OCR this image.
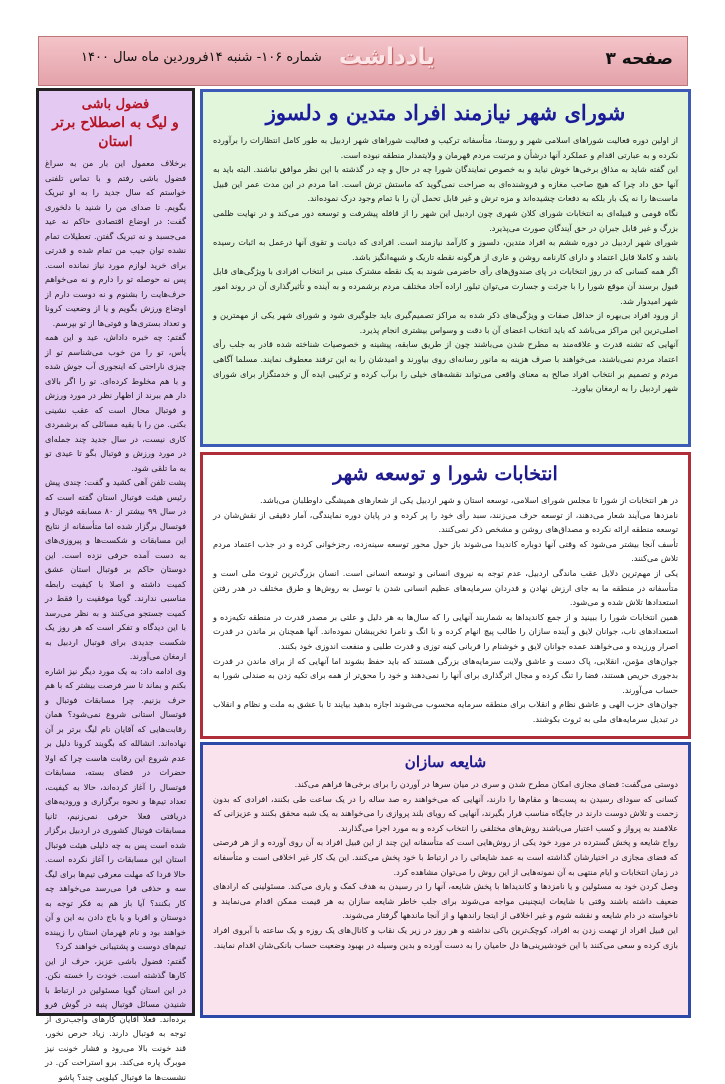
صفحه ۳
یادداشت
شماره ۱۰۶- شنبه ۱۴فروردین ماه سال ۱۴۰۰
فضول باشی
و لیگ به اصطلاح برتر استان

برخلاف معمول این بار من به سراغ فضول باشی رفتم و با تماس تلفنی خواستم که سال جدید را به او تبریک بگویم. تا صدای من را شنید با دلخوری گفت: در اوضاع اقتصادی حاکم نه عید می‌جسبد و نه تبریک گفتن. تعطیلات تمام نشده توان جیب من تمام شده و قدرتی برای خرید لوازم مورد نیاز نمانده است. پس نه حوصله تو را دارم و نه می‌خواهم حرف‌هایت را بشنوم و نه دوست دارم از اوضاع ورزش بگویم و یا از وضعیت کرونا و تعداد بستری‌ها و فوتی‌ها از تو بپرسم.

گفتم: چه خبره داداش، عید و این همه یأس، تو را من خوب می‌شناسم تو از چیزی ناراحتی که اینجوری آب جوش شده و با هم مخلوط کرده‌ای. تو را اگر بالای دار هم ببرند از اظهار نظر در مورد ورزش و فوتبال محال است که عقب نشینی بکنی. من را با بقیه مسائلی که برشمردی کاری نیست، در سال جدید چند جمله‌ای در مورد ورزش و فوتبال بگو تا عیدی تو به ما تلقی شود.

پشت تلفن آهی کشید و گفت: چندی پیش رئیس هیئت فوتبال استان گفته است که در سال ۹۹ بیشتر از ۸۰ مسابقه فوتبال و فوتسال برگزار شده اما متأسفانه از نتایج این مسابقات و شکست‌ها و پیروزی‌های به دست آمده حرفی نزده است. این دوستان حاکم بر فوتبال استان عشق کمیت داشته و اصلا با کیفیت رابطه مناسبی ندارند. گویا موفقیت را فقط در کمیت جستجو می‌کنند و به نظر می‌رسد با این دیدگاه و تفکر است که هر روز یک شکست جدیدی برای فوتبال اردبیل به ارمغان می‌آورند.

وی ادامه داد: به یک مورد دیگر نیز اشاره بکنم و بماند تا سر فرصت بیشتر که با هم حرف بزنیم. چرا مسابقات فوتبال و فوتسال استانی شروع نمی‌شود؟ همان رقابت‌هایی که آقایان نام لیگ برتر بر آن نهاده‌اند. انشالله که بگویند کرونا دلیل بر عدم شروع این رقابت هاست چرا که اولا حضرات در فضای بسته، مسابقات فوتسال را آغاز کرده‌اند، حالا به کیفیت، تعداد تیم‌ها و نحوه برگزاری و ورودیه‌های دریافتی فعلا حرفی نمی‌زنیم، ثانیا مسابقات فوتبال کشوری در اردبیل برگزار شده است پس به چه دلیلی هیئت فوتبال استان این مسابقات را آغاز نکرده است. حالا فردا که مهلت معرفی تیم‌ها برای لیگ سه و حذفی فرا می‌رسد می‌خواهد چه کار بکنند؟ آیا باز هم به فکر توجه به دوستان و اقربا و یا باج دادن به این و آن خواهند بود و نام قهرمان استان را زیبنده تیم‌های دوست و پشتیبانی خواهند کرد؟

گفتم: فضول باشی عزیز، حرف از این کارها گذشته است. خودت را خسته نکن. در این استان گویا مسئولین در ارتباط با شنیدن مسائل فوتبال پنبه در گوش فرو برده‌اند. فعلا اقایان کارهای واجب‌تری از توجه به فوتبال دارند. زیاد حرص نخور، قند خونت بالا می‌رود و فشار خونت نیز موبرگ پاره می‌کند. برو استراحت کن. در نشست‌ها ما فوتبال کیلویی چند؟ پاشو

شورای شهر نیازمند افراد متدین و دلسوز

از اولین دوره فعالیت شوراهای اسلامی شهر و روستا، متأسفانه ترکیب و فعالیت شوراهای شهر اردبیل به طور کامل انتظارات را برآورده نکرده و به عبارتی اقدام و عملکرد آنها درشأن و مرتبت مردم قهرمان و ولایتمدار منطقه نبوده است.

این گفته شاید به مذاق برخی‌ها خوش نیاید و به خصوص نمایندگان شورا چه در حال و چه در گذشته با این نظر موافق نباشند. البته باید به آنها حق داد چرا که هیچ صاحب مغازه و فروشنده‌ای به صراحت نمی‌گوید که ماستش ترش است. اما مردم در این مدت عمر این قبیل ماست‌ها را نه یک بار بلکه به دفعات چشیده‌اند و مزه ترش و غیر قابل تحمل آن را با تمام وجود درک نموده‌اند.

نگاه قومی و قبیله‌ای به انتخابات شورای کلان شهری چون اردبیل این شهر را از قافله پیشرفت و توسعه دور می‌کند و در نهایت ظلمی بزرگ و غیر قابل جبران در حق آیندگان صورت می‌پذیرد.

شورای شهر اردبیل در دوره ششم به افراد متدین، دلسوز و کارآمد نیازمند است. افرادی که دیانت و تقوی آنها درعمل به اثبات رسیده باشد و کاملا قابل اعتماد و دارای کارنامه روشن و عاری از هرگونه نقطه تاریک و شبهه‌انگیز باشد.

اگر همه کسانی که در روز انتخابات در پای صندوق‌های رأی حاضرمی شوند به یک نقطه مشترک مبنی بر انتخاب افرادی با ویژگی‌های قابل قبول برسند آن موقع شورا را با جرئت و جسارت می‌توان تبلور اراده آحاد مختلف مردم برشمرده و به آینده و تأثیرگذاری آن در روند امور شهر امیدوار شد.

از ورود افراد بی‌بهره از حداقل صفات و ویژگی‌های ذکر شده به مراکز تصمیم‌گیری باید جلوگیری شود و شورای شهر یکی از مهمترین و اصلی‌ترین این مراکز می‌باشد که باید انتخاب اعضای آن با دقت و وسواس بیشتری انجام پذیرد.

آنهایی که تشنه قدرت و علاقه‌مند به مطرح شدن می‌باشند چون از طریق سابقه، پیشینه و خصوصیات شناخته شده قادر به جلب رأی اعتماد مردم نمی‌باشند، می‌خواهند با صرف هزینه به مانور رسانه‌ای روی بیاورند و امیدشان را به این ترفند معطوف نمایند. مسلما آگاهی مردم و تصمیم بر انتخاب افراد صالح به معنای واقعی می‌تواند نقشه‌های خیلی را برآب کرده و ترکیبی ایده آل و خدمتگزار برای شورای شهر اردبیل را به ارمغان بیاورد.

انتخابات شورا و توسعه شهر

در هر انتخابات از شورا تا مجلس شورای اسلامی، توسعه استان و شهر اردبیل یکی از شعارهای همیشگی داوطلبان می‌باشد.

نامزدها می‌آیند شعار می‌دهند، از توسعه حرف می‌زنند، سبد رأی خود را پر کرده و در پایان دوره نمایندگی، آمار دقیقی از نقش‌شان در توسعه منطقه ارائه نکرده و مصداق‌های روشن و مشخص ذکر نمی‌کنند.

تأسف آنجا بیشتر می‌شود که وقتی آنها دوباره کاندیدا می‌شوند باز حول محور توسعه سینه‌زده، رجزخوانی کرده و در جذب اعتماد مردم تلاش می‌کنند.

یکی از مهم‌ترین دلایل عقب ماندگی اردبیل، عدم توجه به نیروی انسانی و توسعه انسانی است. انسان بزرگ‌ترین ثروت ملی است و متأسفانه در منطقه ما به جای ارزش نهادن و قدردان سرمایه‌های عظیم انسانی شدن با توسل به روش‌ها و طرق مختلف در هدر رفتن استعدادها تلاش شده و می‌شود.

همین انتخابات شورا را ببینید و از جمع کاندیداها به شماربند آنهایی را که سال‌ها به هر دلیل و علتی بر مصدر قدرت در منطقه تکیه‌زده و استعدادهای ناب، جوانان لایق و آینده سازان را طالب پیچ انهام کرده و با انگ و نامرا تخریبشان نموده‌اند. آنها همچنان بر ماندن در قدرت اصرار ورزیده و می‌خواهند عمده جوانان لایق و خوشنام را قربانی کینه توزی و قدرت طلبی و منفعت اندوزی خود بکنند.

جوان‌های مؤمن، انقلابی، پاک دست و عاشق ولایت سرمایه‌های بزرگی هستند که باید حفظ بشوند اما آنهایی که از برای ماندن در قدرت بدجوری حریص هستند، فضا را تنگ کرده و مجال اثرگذاری برای آنها را نمی‌دهند و خود را محق‌تر از همه برای تکیه زدن به صندلی شورا به حساب می‌آورند.

جوان‌های حزب الهی و عاشق نظام و انقلاب برای منطقه سرمایه محسوب می‌شوند اجازه بدهید بیایند تا با عشق به ملت و نظام و انقلاب در تبدیل سرمایه‌های ملی به ثروت بکوشند.

شایعه سازان

دوستی می‌گفت: فضای مجازی امکان مطرح شدن و سری در میان سرها در آوردن را برای برخی‌ها فراهم می‌کند.

کسانی که سودای رسیدن به پست‌ها و مقام‌ها را دارند، آنهایی که می‌خواهند ره صد ساله را در یک ساعت طی بکنند، افرادی که بدون زحمت و تلاش دوست دارند در جایگاه مناسب قرار بگیرند، آنهایی که رویای بلند پروازی را می‌خواهند به یک شبه محقق بکنند و عزیزانی که علاقمند به پرواز و کسب اعتبار می‌باشند روش‌های مختلفی را انتخاب کرده و به مورد اجرا می‌گذارند.

رواج شایعه و پخش گسترده در مورد خود یکی از روش‌هایی است که متأسفانه این چند از این قبیل افراد به آن روی آورده و از هر فرصتی که فضای مجازی در اختیارشان گذاشته است به عمد شایعاتی را در ارتباط با خود پخش می‌کنند. این یک کار غیر اخلاقی است و متأسفانه در زمان انتخابات و ایام منتهی به آن نمونه‌هایی از این روش را می‌توان مشاهده کرد.

وصل کردن خود به مسئولین و یا نامزدها و کاندیداها با پخش شایعه، آنها را در رسیدن به هدف کمک و یاری می‌کند. مسئولینی که ارادهای ضعیف داشته باشند وقتی با شایعات اینچنینی مواجه می‌شوند برای جلب خاطر شایعه سازان به هر قیمت ممکن اقدام می‌نمایند و ناخواسته در دام شایعه و نقشه شوم و غیر اخلاقی از ایتجا راندهها و از آنجا ماندهها گرفتار می‌شوند.

این قبیل افراد از تهمت زدن به افراد، کوچک‌ترین باکی نداشته و هر روز در زیر یک نقاب و کانال‌های یک روزه و یک ساعته با آبروی افراد بازی کرده و سعی می‌کنند با این خودشیرینی‌ها دل حامیان را به دست آورده و بدین وسیله در بهبود وضعیت حساب بانکی‌شان اقدام نمایند.
